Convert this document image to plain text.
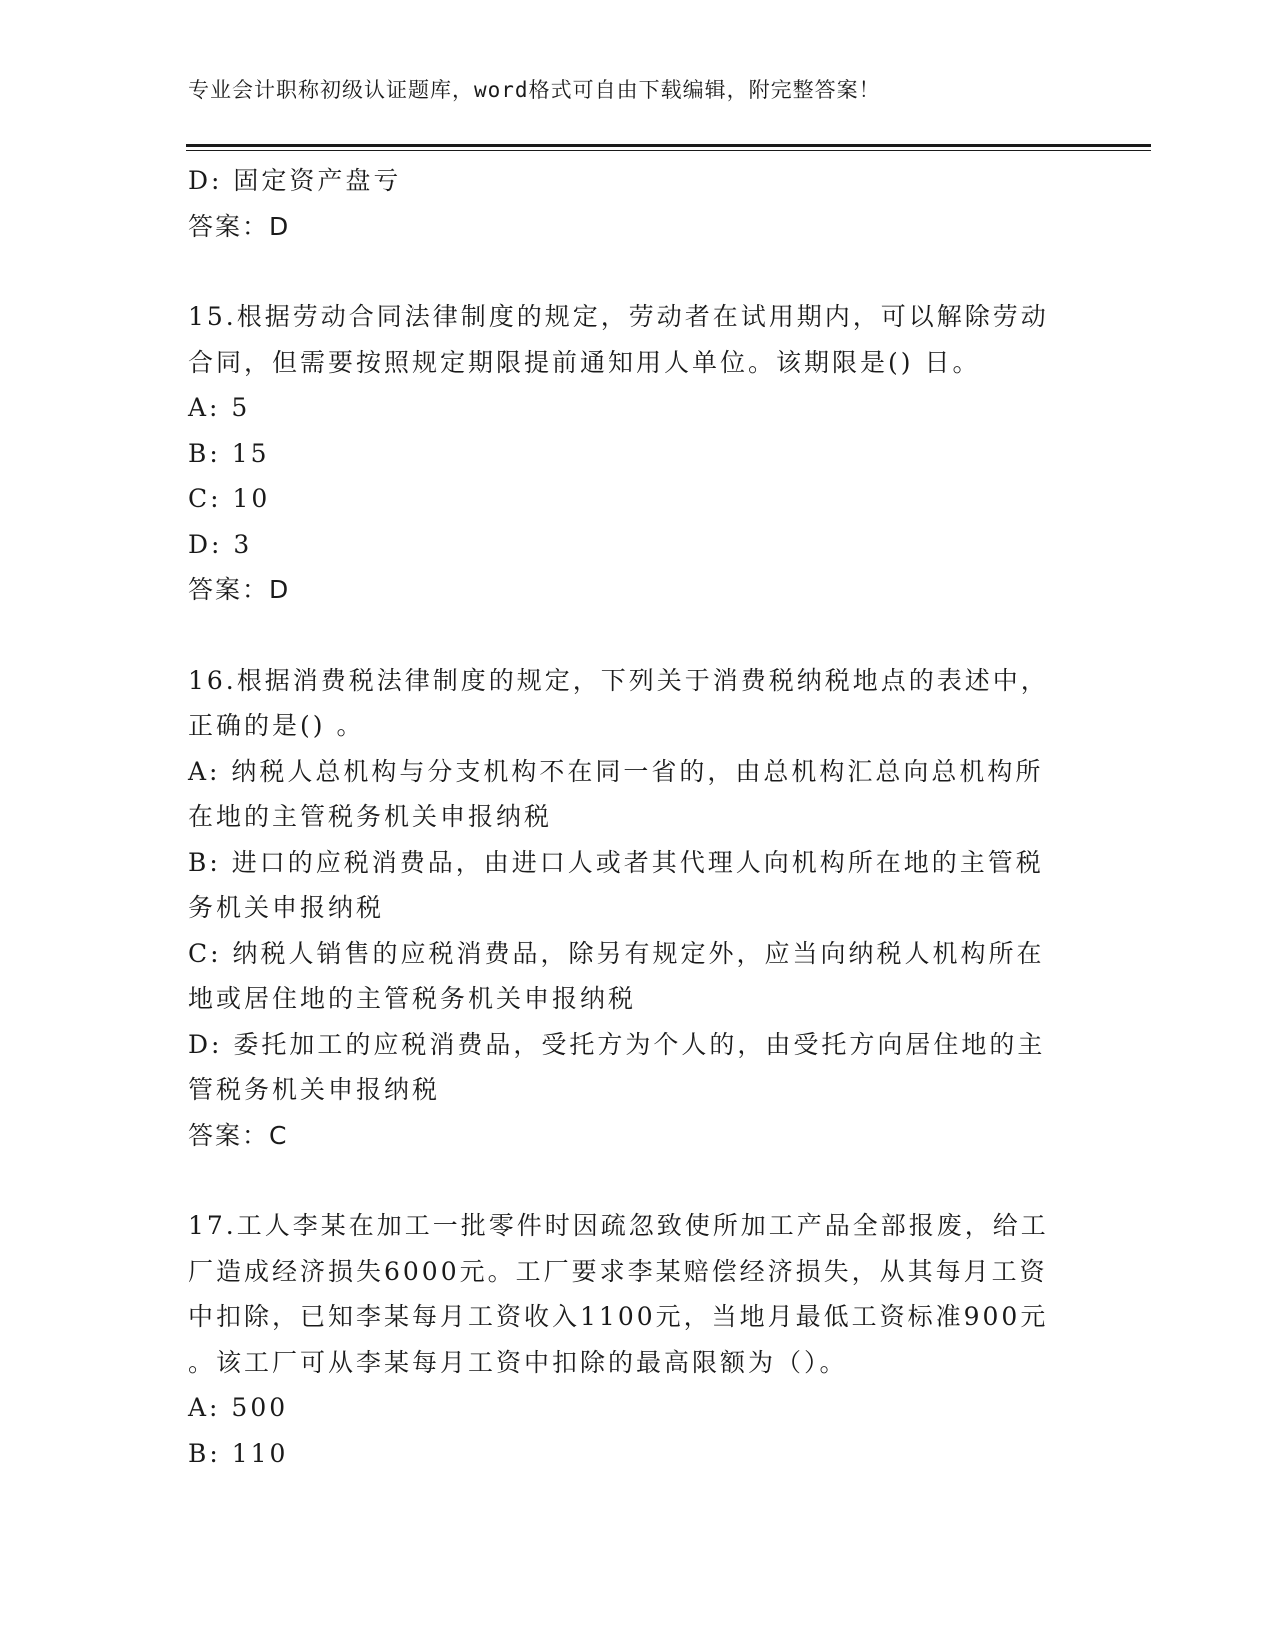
专业会计职称初级认证题库，word格式可自由下载编辑，附完整答案！
D: 固定资产盘亏
答案：D
15.根据劳动合同法律制度的规定，劳动者在试用期内，可以解除劳动
合同，但需要按照规定期限提前通知用人单位。该期限是() 日。
A: 5
B: 15
C: 10
D: 3
答案：D
16.根据消费税法律制度的规定，下列关于消费税纳税地点的表述中，
正确的是() 。
A: 纳税人总机构与分支机构不在同一省的，由总机构汇总向总机构所
在地的主管税务机关申报纳税
B: 进口的应税消费品，由进口人或者其代理人向机构所在地的主管税
务机关申报纳税
C: 纳税人销售的应税消费品，除另有规定外，应当向纳税人机构所在
地或居住地的主管税务机关申报纳税
D: 委托加工的应税消费品，受托方为个人的，由受托方向居住地的主
管税务机关申报纳税
答案：C
17.工人李某在加工一批零件时因疏忽致使所加工产品全部报废，给工
厂造成经济损失6000元。工厂要求李某赔偿经济损失，从其每月工资
中扣除，已知李某每月工资收入1100元，当地月最低工资标准900元
。该工厂可从李某每月工资中扣除的最高限额为（）。
A: 500
B: 110
